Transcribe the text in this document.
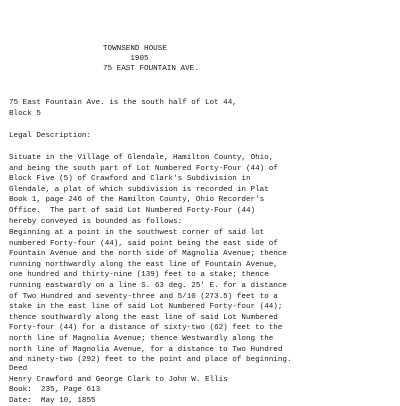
TOWNSEND HOUSE

1905

75 EAST FOUNTAIN AVE.

75 East Fountain Ave. is the south half of Lot 44,

Block 5

Legal Description:

Situate in the Village of Glendale, Hamilton County, Ohio,

and being the south part of Lot Numbered Forty-Four (44) of

Block Five (5) of Crawford and Clark's Subdivision in

Glendale, a plat of which subdivision is recorded in Plat

Book 1, page 246 of the Hamilton County, Ohio Recorder's

Office.  The part of said Lot Numbered Forty-Four (44)

hereby conveyed is bounded as follows:

Beginning at a point in the southwest corner of said lot

numbered Forty-four (44), said point being the east side of

Fountain Avenue and the north side of Magnolia Avenue; thence

running northwardly along the east line of Fountain Avenue,

one hundred and thirty-nine (139) feet to a stake; thence

running eastwardly on a line S. 63 deg. 25' E. for a distance

of Two Hundred and seventy-three and 5/10 (273.5) feet to a

stake in the east line of said Lot Numbered Forty-four (44);

thence southwardly along the east line of said Lot Numbered

Forty-four (44) for a distance of sixty-two (62) feet to the

north line of Magnolia Avenue; thence Westwardly along the

north line of Magnolia Avenue, for a distance to Two Hundred

and ninety-two (292) feet to the point and place of beginning.

Deed

Henry Crawford and George Clark to John W. Ellis

Book:  235, Page 613

Date:  May 10, 1855
